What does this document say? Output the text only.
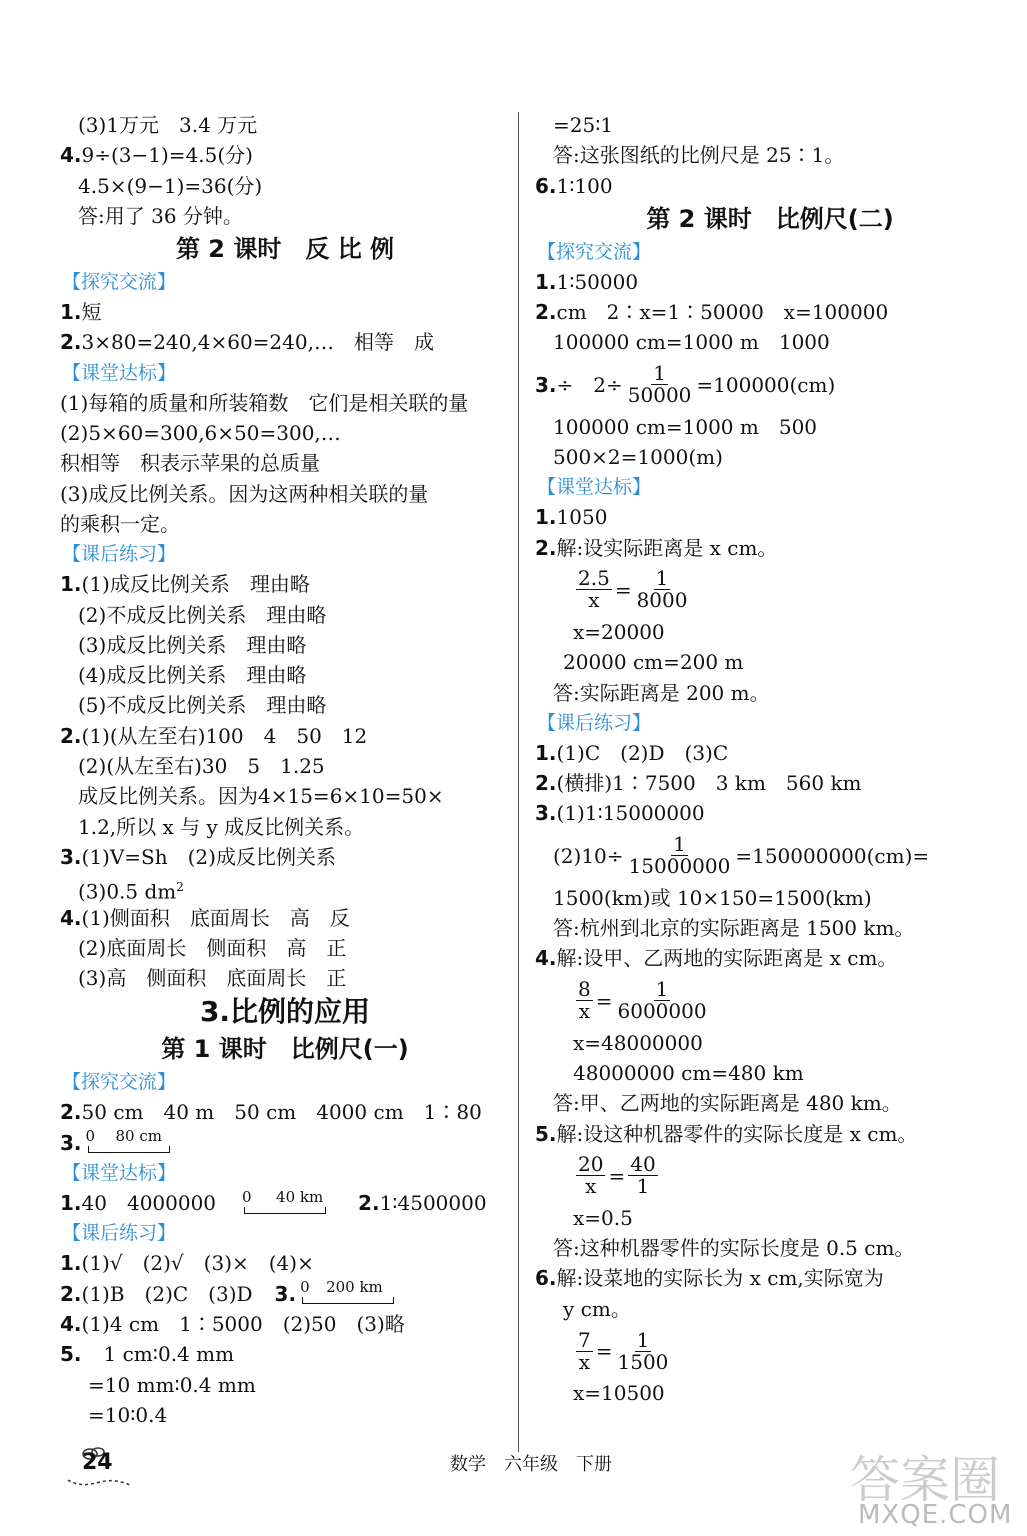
(3)1万元　3.4 万元
4.9÷(3−1)=4.5(分)
4.5×(9−1)=36(分)
答:用了 36 分钟。
第 2 课时　反 比 例
【 探究交流 】
1.短
2.3×80=240,4×60=240,…　相等　成
【 课堂达标 】
(1)每箱的质量和所装箱数　它们是相关联的量
(2)5×60=300,6×50=300,…
积相等　积表示苹果的总质量
(3)成反比例关系。因为这两种相关联的量
的乘积一定。
【 课后练习 】
1.(1)成反比例关系　理由略
(2)不成反比例关系　理由略
(3)成反比例关系　理由略
(4)成反比例关系　理由略
(5)不成反比例关系　理由略
2.(1)(从左至右)100　4　50　12
(2)(从左至右)30　5　1.25
成反比例关系。因为4×15=6×10=50×
1.2,所以 x 与 y 成反比例关系。
3.(1)V=Sh　(2)成反比例关系
(3)0.5 $dm^2$
4.(1)侧面积　底面周长　高　反
(2)底面周长　侧面积　高　正
(3)高　侧面积　底面周长　正
3.比例的应用
第 1 课时　比例尺(一)
【 探究交流 】
2.50 cm　40 m　50 cm　4000 cm　1∶80
3. 0 80 cm
【 课堂达标 】
1.40　4000000 0 40 km 2.1∶4500000
【 课后练习 】
1.(1)√　(2)√　(3)×　(4)×
2.(1)B　(2)C　(3)D 3. 0 200 km
4.(1)4 cm　1∶5000　(2)50　(3)略
5. 1 cm∶0.4 mm
=10 mm∶0.4 mm
=10∶0.4
=25∶1
答:这张图纸的比例尺是 25∶1。
6.1∶100
第 2 课时　比例尺(二)
【 探究交流 】
1.1∶50000
2.cm　2∶x=1∶50000　x=100000
100000 cm=1000 m　1000
3. ÷　$2\div \frac{1}{50000} =100000(cm)$
100000 cm=1000 m　500
500×2=1000(m)
【 课堂达标 】
1.1050
2.解:设实际距离是 x cm。
$\frac{2.5}{x} = \frac{1}{8000}$
x=20000
20000 cm=200 m
答:实际距离是 200 m。
【 课后练习 】
1.(1)C　(2)D　(3)C
2.(横排)1∶7500　3 km　560 km
3.(1)1∶15000000
$(2)10\div \frac{1}{15000000} =150000000(cm)=$
1500(km)或 10×150=1500(km)
答:杭州到北京的实际距离是 1500 km。
4.解:设甲、乙两地的实际距离是 x cm。
$\frac{8}{x} = \frac{1}{6000000}$
x=48000000
48000000 cm=480 km
答:甲、乙两地的实际距离是 480 km。
5.解:设这种机器零件的实际长度是 x cm。
$\frac{20}{x} = \frac{40}{1}$
x=0.5
答:这种机器零件的实际长度是 0.5 cm。
6.解:设菜地的实际长为 x cm,实际宽为
y cm。
$\frac{7}{x} = \frac{1}{1500}$
x=10500
24	数学　六年级　下册	答案圈
MXQE.COM
